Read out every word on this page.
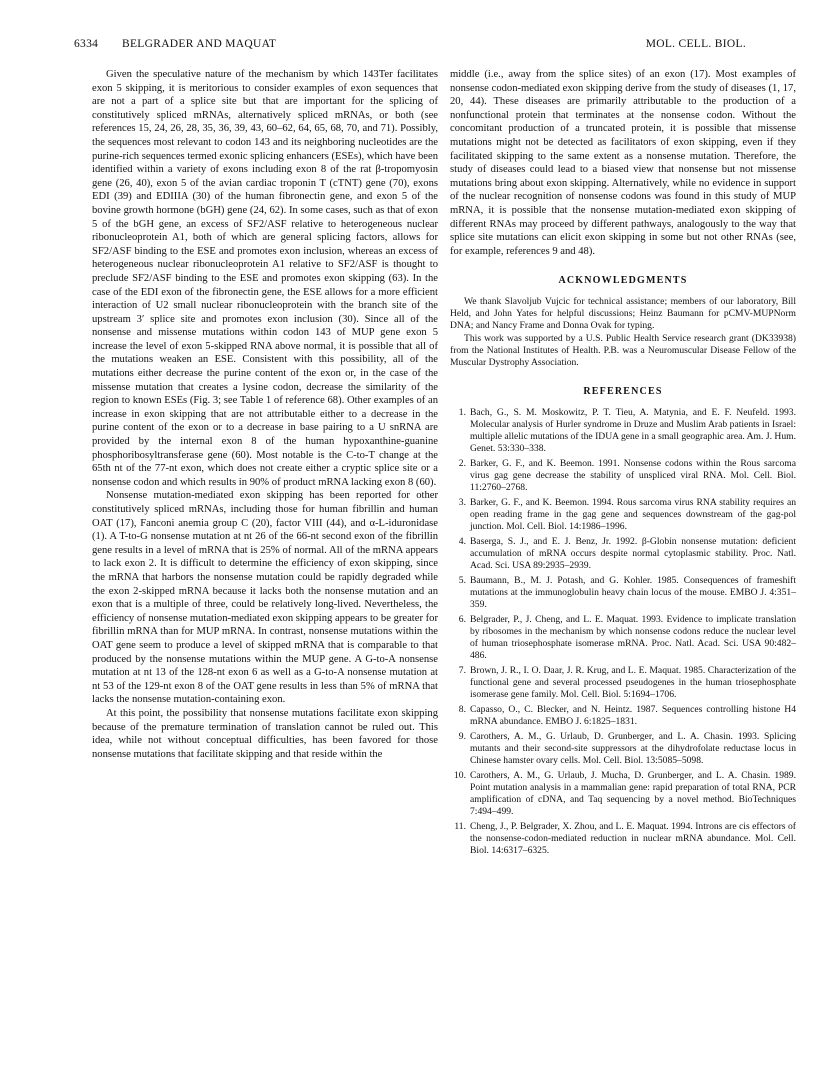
6334 BELGRADER AND MAQUAT	MOL. CELL. BIOL.

Given the speculative nature of the mechanism by which 143Ter facilitates exon 5 skipping, it is meritorious to consider examples of exon sequences that are not a part of a splice site but that are important for the splicing of constitutively spliced mRNAs, alternatively spliced mRNAs, or both (see references 15, 24, 26, 28, 35, 36, 39, 43, 60–62, 64, 65, 68, 70, and 71). Possibly, the sequences most relevant to codon 143 and its neighboring nucleotides are the purine-rich sequences termed exonic splicing enhancers (ESEs), which have been identified within a variety of exons including exon 8 of the rat β-tropomyosin gene (26, 40), exon 5 of the avian cardiac troponin T (cTNT) gene (70), exons EDI (39) and EDIIIA (30) of the human fibronectin gene, and exon 5 of the bovine growth hormone (bGH) gene (24, 62). In some cases, such as that of exon 5 of the bGH gene, an excess of SF2/ASF relative to heterogeneous nuclear ribonucleoprotein A1, both of which are general splicing factors, allows for SF2/ASF binding to the ESE and promotes exon inclusion, whereas an excess of heterogeneous nuclear ribonucleoprotein A1 relative to SF2/ASF is thought to preclude SF2/ASF binding to the ESE and promotes exon skipping (63). In the case of the EDI exon of the fibronectin gene, the ESE allows for a more efficient interaction of U2 small nuclear ribonucleoprotein with the branch site of the upstream 3′ splice site and promotes exon inclusion (30). Since all of the nonsense and missense mutations within codon 143 of MUP gene exon 5 increase the level of exon 5-skipped RNA above normal, it is possible that all of the mutations weaken an ESE. Consistent with this possibility, all of the mutations either decrease the purine content of the exon or, in the case of the missense mutation that creates a lysine codon, decrease the similarity of the region to known ESEs (Fig. 3; see Table 1 of reference 68). Other examples of an increase in exon skipping that are not attributable either to a decrease in the purine content of the exon or to a decrease in base pairing to a U snRNA are provided by the internal exon 8 of the human hypoxanthine-guanine phosphoribosyltransferase gene (60). Most notable is the C-to-T change at the 65th nt of the 77-nt exon, which does not create either a cryptic splice site or a nonsense codon and which results in 90% of product mRNA lacking exon 8 (60).

Nonsense mutation-mediated exon skipping has been reported for other constitutively spliced mRNAs, including those for human fibrillin and human OAT (17), Fanconi anemia group C (20), factor VIII (44), and α-L-iduronidase (1). A T-to-G nonsense mutation at nt 26 of the 66-nt second exon of the fibrillin gene results in a level of mRNA that is 25% of normal. All of the mRNA appears to lack exon 2. It is difficult to determine the efficiency of exon skipping, since the mRNA that harbors the nonsense mutation could be rapidly degraded while the exon 2-skipped mRNA because it lacks both the nonsense mutation and an exon that is a multiple of three, could be relatively long-lived. Nevertheless, the efficiency of nonsense mutation-mediated exon skipping appears to be greater for fibrillin mRNA than for MUP mRNA. In contrast, nonsense mutations within the OAT gene seem to produce a level of skipped mRNA that is comparable to that produced by the nonsense mutations within the MUP gene. A G-to-A nonsense mutation at nt 13 of the 128-nt exon 6 as well as a G-to-A nonsense mutation at nt 53 of the 129-nt exon 8 of the OAT gene results in less than 5% of mRNA that lacks the nonsense mutation-containing exon.

At this point, the possibility that nonsense mutations facilitate exon skipping because of the premature termination of translation cannot be ruled out. This idea, while not without conceptual difficulties, has been favored for those nonsense mutations that facilitate skipping and that reside within the

middle (i.e., away from the splice sites) of an exon (17). Most examples of nonsense codon-mediated exon skipping derive from the study of diseases (1, 17, 20, 44). These diseases are primarily attributable to the production of a nonfunctional protein that terminates at the nonsense codon. Without the concomitant production of a truncated protein, it is possible that missense mutations might not be detected as facilitators of exon skipping, even if they facilitated skipping to the same extent as a nonsense mutation. Therefore, the study of diseases could lead to a biased view that nonsense but not missense mutations bring about exon skipping. Alternatively, while no evidence in support of the nuclear recognition of nonsense codons was found in this study of MUP mRNA, it is possible that the nonsense mutation-mediated exon skipping of different RNAs may proceed by different pathways, analogously to the way that splice site mutations can elicit exon skipping in some but not other RNAs (see, for example, references 9 and 48).

ACKNOWLEDGMENTS

We thank Slavoljub Vujcic for technical assistance; members of our laboratory, Bill Held, and John Yates for helpful discussions; Heinz Baumann for pCMV-MUPNorm DNA; and Nancy Frame and Donna Ovak for typing.

This work was supported by a U.S. Public Health Service research grant (DK33938) from the National Institutes of Health. P.B. was a Neuromuscular Disease Fellow of the Muscular Dystrophy Association.

REFERENCES
1. Bach, G., S. M. Moskowitz, P. T. Tieu, A. Matynia, and E. F. Neufeld. 1993. Molecular analysis of Hurler syndrome in Druze and Muslim Arab patients in Israel: multiple allelic mutations of the IDUA gene in a small geographic area. Am. J. Hum. Genet. 53:330–338.
2. Barker, G. F., and K. Beemon. 1991. Nonsense codons within the Rous sarcoma virus gag gene decrease the stability of unspliced viral RNA. Mol. Cell. Biol. 11:2760–2768.
3. Barker, G. F., and K. Beemon. 1994. Rous sarcoma virus RNA stability requires an open reading frame in the gag gene and sequences downstream of the gag-pol junction. Mol. Cell. Biol. 14:1986–1996.
4. Baserga, S. J., and E. J. Benz, Jr. 1992. β-Globin nonsense mutation: deficient accumulation of mRNA occurs despite normal cytoplasmic stability. Proc. Natl. Acad. Sci. USA 89:2935–2939.
5. Baumann, B., M. J. Potash, and G. Kohler. 1985. Consequences of frameshift mutations at the immunoglobulin heavy chain locus of the mouse. EMBO J. 4:351–359.
6. Belgrader, P., J. Cheng, and L. E. Maquat. 1993. Evidence to implicate translation by ribosomes in the mechanism by which nonsense codons reduce the nuclear level of human triosephosphate isomerase mRNA. Proc. Natl. Acad. Sci. USA 90:482–486.
7. Brown, J. R., I. O. Daar, J. R. Krug, and L. E. Maquat. 1985. Characterization of the functional gene and several processed pseudogenes in the human triosephosphate isomerase gene family. Mol. Cell. Biol. 5:1694–1706.
8. Capasso, O., C. Blecker, and N. Heintz. 1987. Sequences controlling histone H4 mRNA abundance. EMBO J. 6:1825–1831.
9. Carothers, A. M., G. Urlaub, D. Grunberger, and L. A. Chasin. 1993. Splicing mutants and their second-site suppressors at the dihydrofolate reductase locus in Chinese hamster ovary cells. Mol. Cell. Biol. 13:5085–5098.
10. Carothers, A. M., G. Urlaub, J. Mucha, D. Grunberger, and L. A. Chasin. 1989. Point mutation analysis in a mammalian gene: rapid preparation of total RNA, PCR amplification of cDNA, and Taq sequencing by a novel method. BioTechniques 7:494–499.
11. Cheng, J., P. Belgrader, X. Zhou, and L. E. Maquat. 1994. Introns are cis effectors of the nonsense-codon-mediated reduction in nuclear mRNA abundance. Mol. Cell. Biol. 14:6317–6325.
